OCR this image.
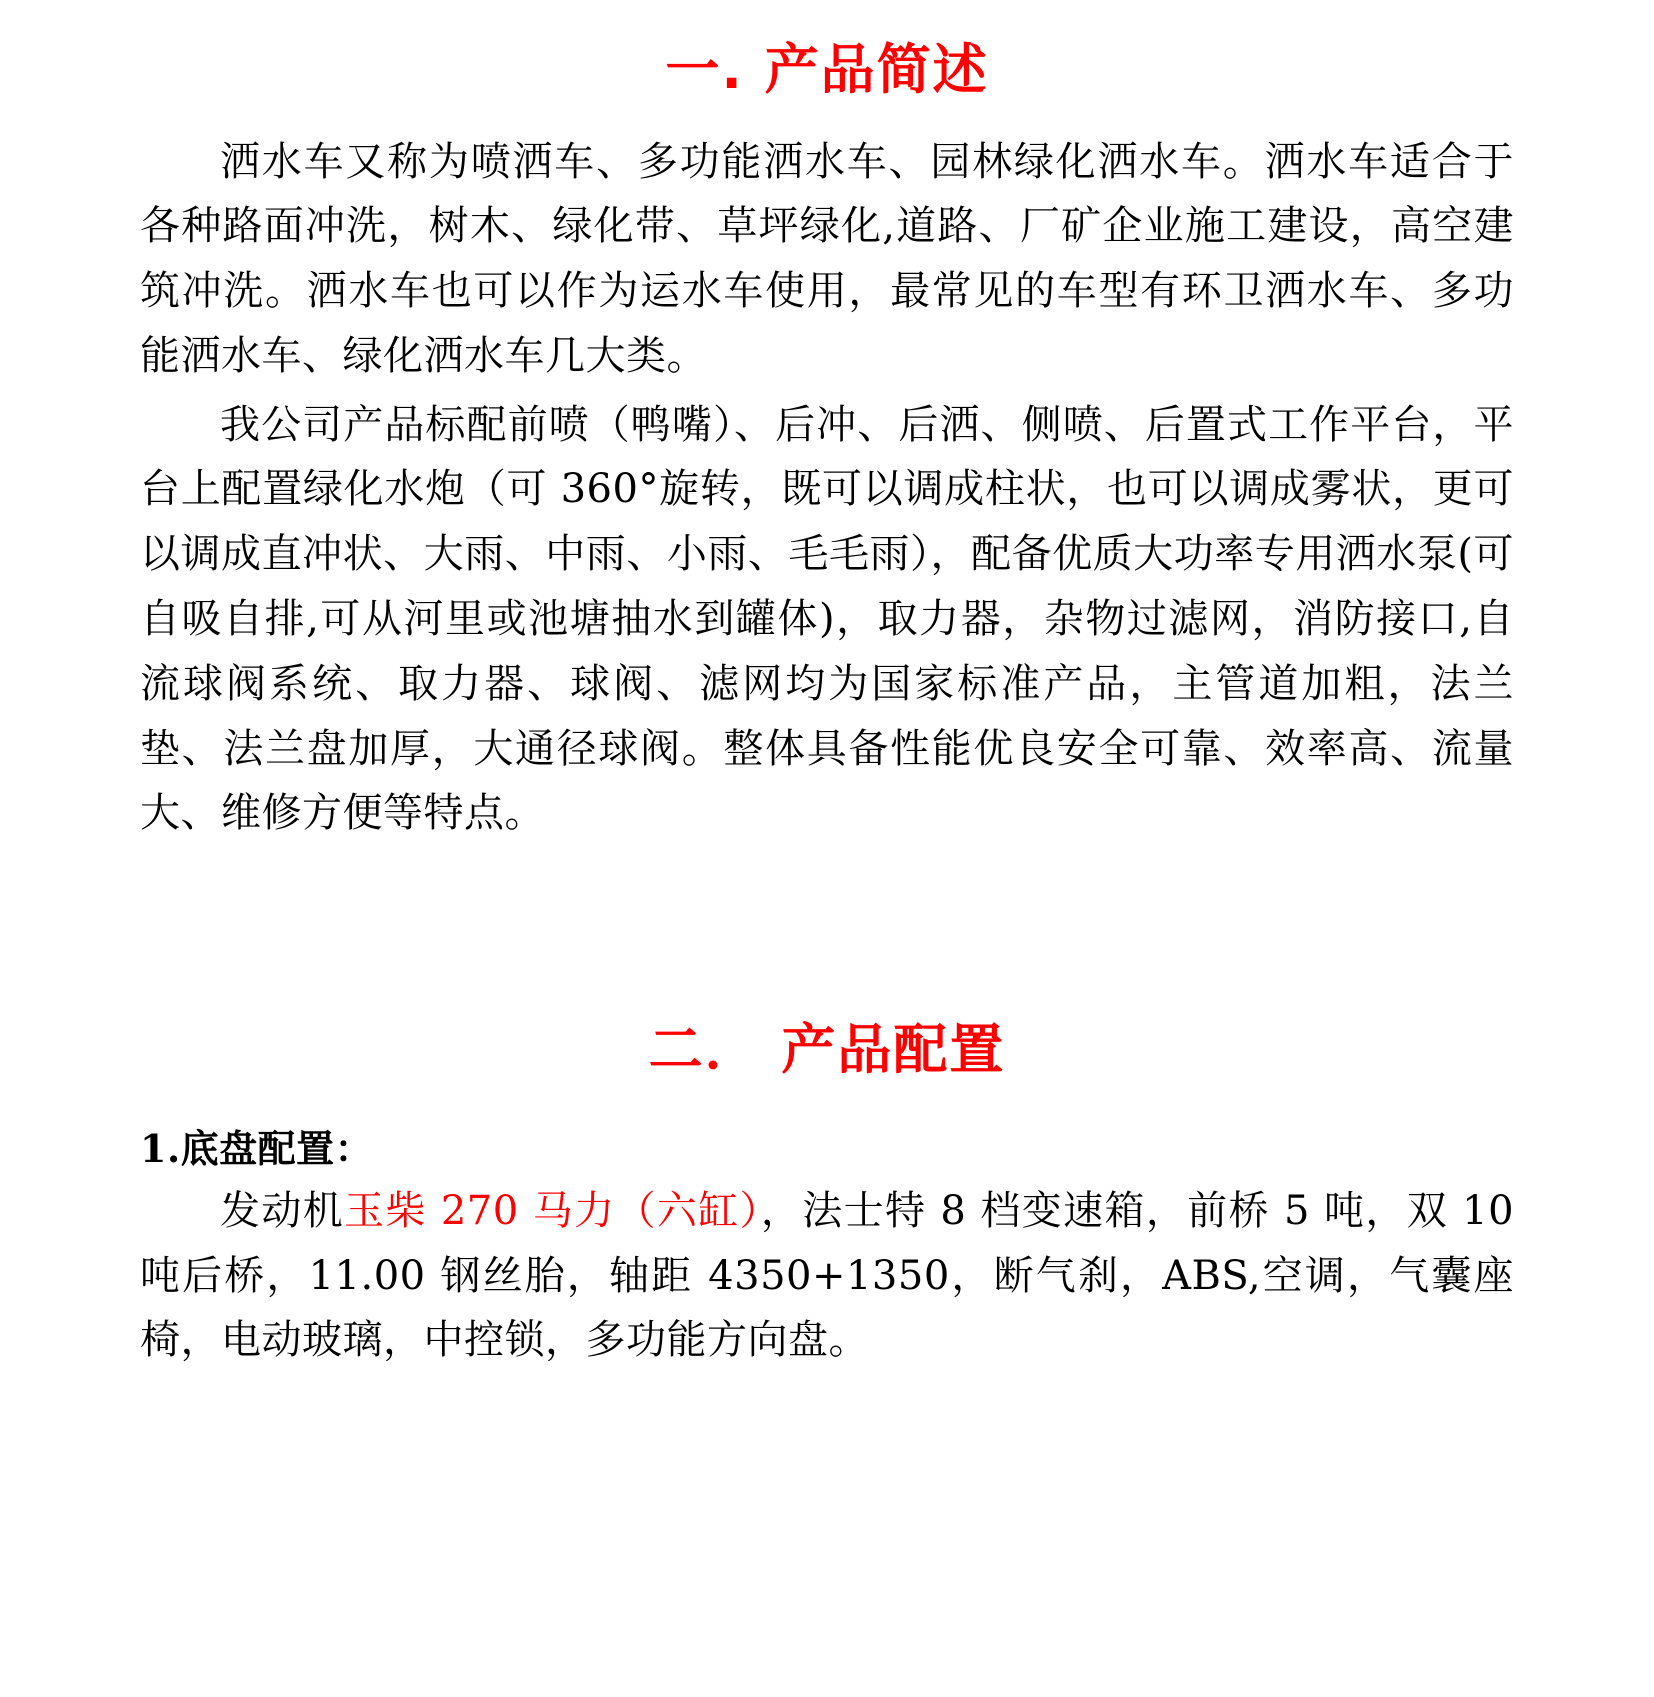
一. 产品简述

洒水车又称为喷洒车、多功能洒水车、园林绿化洒水车。洒水车适合于各种路面冲洗，树木、绿化带、草坪绿化,道路、厂矿企业施工建设，高空建筑冲洗。洒水车也可以作为运水车使用，最常见的车型有环卫洒水车、多功能洒水车、绿化洒水车几大类。

我公司产品标配前喷（鸭嘴）、后冲、后洒、侧喷、后置式工作平台，平台上配置绿化水炮（可 360°旋转，既可以调成柱状，也可以调成雾状，更可以调成直冲状、大雨、中雨、小雨、毛毛雨），配备优质大功率专用洒水泵(可自吸自排,可从河里或池塘抽水到罐体)，取力器，杂物过滤网，消防接口,自流球阀系统、取力器、球阀、滤网均为国家标准产品，主管道加粗，法兰垫、法兰盘加厚，大通径球阀。整体具备性能优良安全可靠、效率高、流量大、维修方便等特点。

二． 产品配置
1.底盘配置：

发动机玉柴 270 马力（六缸），法士特 8 档变速箱，前桥 5 吨，双 10 吨后桥，11.00 钢丝胎，轴距 4350+1350，断气刹，ABS,空调，气囊座椅，电动玻璃，中控锁，多功能方向盘。
